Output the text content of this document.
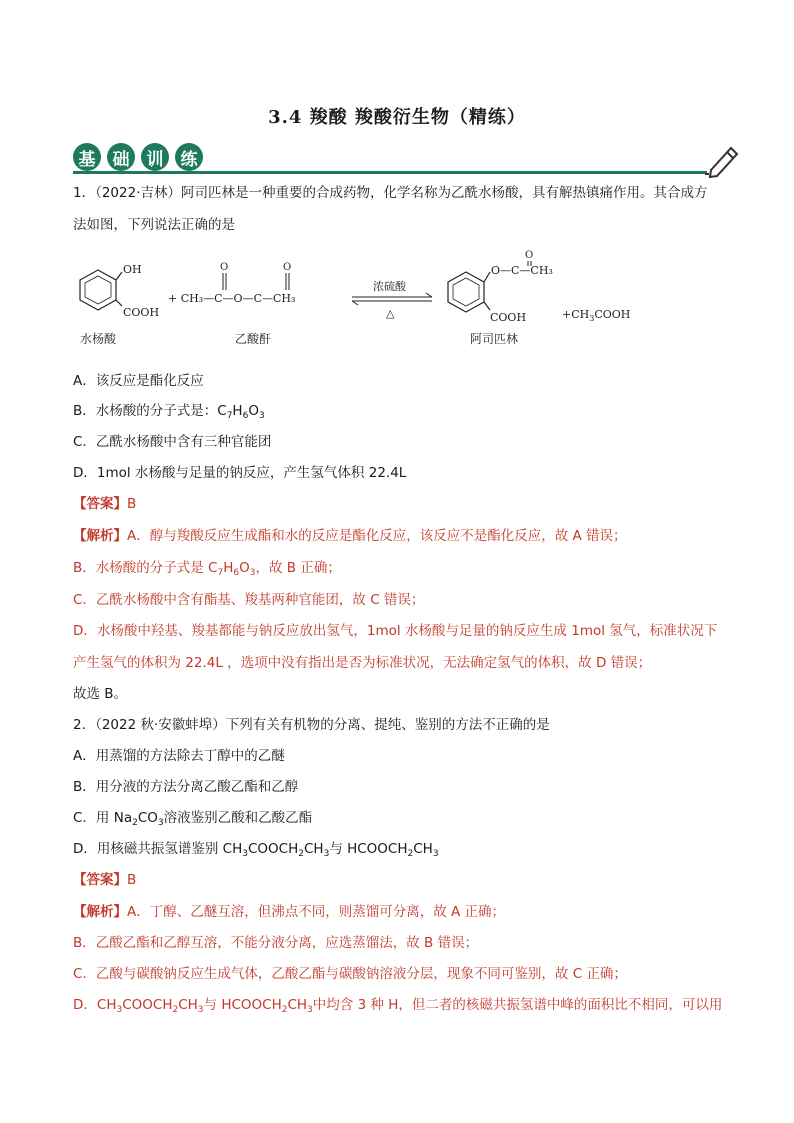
3.4 羧酸 羧酸衍生物（精练）
基	础	训	练
1．（2022·吉林）阿司匹林是一种重要的合成药物，化学名称为乙酰水杨酸，具有解热镇痛作用。其合成方
法如图，下列说法正确的是
OH
COOH
水杨酸
+ CH₃—C—O—C—CH₃
O	O
乙酸酐
浓硫酸
△
O—C—CH₃
O
COOH
阿司匹林
$+CH_3COOH$
A．该反应是酯化反应
B．水杨酸的分子式是：$C_7H_6O_3$
C．乙酰水杨酸中含有三种官能团
D．1mol 水杨酸与足量的钠反应，产生氢气体积 22.4L
【答案】B
【解析】A．醇与羧酸反应生成酯和水的反应是酯化反应，该反应不是酯化反应，故 A 错误；
B．水杨酸的分子式是 $C_7H_6O_3$，故 B 正确；
C．乙酰水杨酸中含有酯基、羧基两种官能团，故 C 错误；
D．水杨酸中羟基、羧基都能与钠反应放出氢气，1mol 水杨酸与足量的钠反应生成 1mol 氢气，标准状况下
产生氢气的体积为 22.4L ，选项中没有指出是否为标准状况，无法确定氢气的体积，故 D 错误；
故选 B。
2．（2022 秋·安徽蚌埠）下列有关有机物的分离、提纯、鉴别的方法不正确的是
A．用蒸馏的方法除去丁醇中的乙醚
B．用分液的方法分离乙酸乙酯和乙醇
C．用 $Na_2CO_3$溶液鉴别乙酸和乙酸乙酯
D．用核磁共振氢谱鉴别 $CH_3COOCH_2CH_3$与 $HCOOCH_2CH_3$
【答案】B
【解析】A．丁醇、乙醚互溶，但沸点不同，则蒸馏可分离，故 A 正确；
B．乙酸乙酯和乙醇互溶，不能分液分离，应选蒸馏法，故 B 错误；
C．乙酸与碳酸钠反应生成气体，乙酸乙酯与碳酸钠溶液分层，现象不同可鉴别，故 C 正确；
D．$CH_3COOCH_2CH_3$与 $HCOOCH_2CH_3$中均含 3 种 H，但二者的核磁共振氢谱中峰的面积比不相同，可以用
